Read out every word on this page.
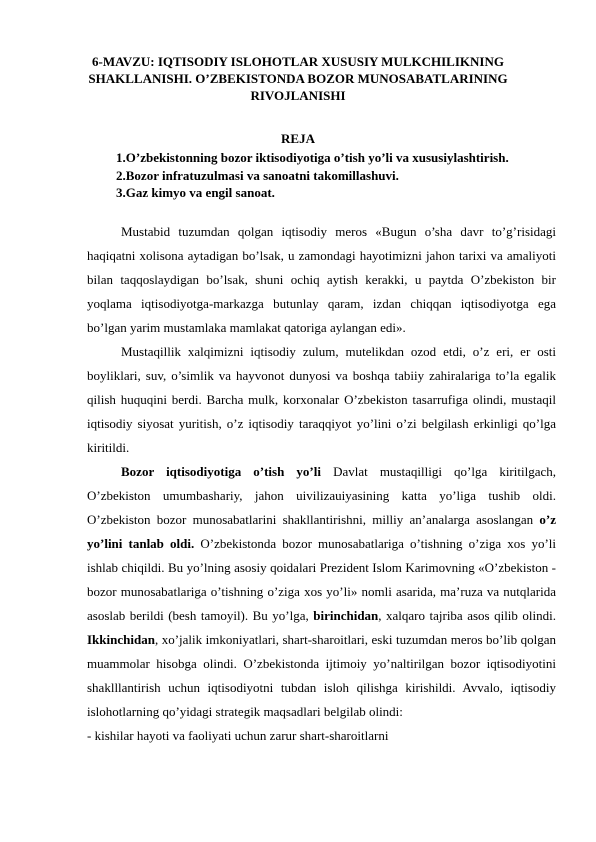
6-MAVZU: IQTISODIY ISLOHOTLAR XUSUSIY MULKCHILIKNING SHAKLLANISHI. O’ZBEKISTONDA BOZOR MUNOSABATLARINING RIVOJLANISHI
REJA
1.O’zbekistonning bozor iktisodiyotiga o’tish yo’li va xususiylashtirish.
2.Bozor infratuzulmasi va sanoatni takomillashuvi.
3.Gaz kimyo va engil sanoat.

Mustabid tuzumdan qolgan iqtisodiy meros «Bugun o’sha davr to’g’risidagi haqiqatni xolisona aytadigan bo’lsak, u zamondagi hayotimizni jahon tarixi va amaliyoti bilan taqqoslaydigan bo’lsak, shuni ochiq aytish kerakki, u paytda O’zbekiston bir yoqlama iqtisodiyotga-markazga butunlay qaram, izdan chiqqan iqtisodiyotga ega bo’lgan yarim mustamlaka mamlakat qatoriga aylangan edi».

Mustaqillik xalqimizni iqtisodiy zulum, mutelikdan ozod etdi, o’z eri, er osti boyliklari, suv, o’simlik va hayvonot dunyosi va boshqa tabiiy zahiralariga to’la egalik qilish huquqini berdi. Barcha mulk, korxonalar O’zbekiston tasarrufiga olindi, mustaqil iqtisodiy siyosat yuritish, o’z iqtisodiy taraqqiyot yo’lini o’zi belgilash erkinligi qo’lga kiritildi.

Bozor iqtisodiyotiga o’tish yo’li Davlat mustaqilligi qo’lga kiritilgach, O’zbekiston umumbashariy, jahon uivilizauiyasining katta yo’liga tushib oldi. O’zbekiston bozor munosabatlarini shakllantirishni, milliy an’analarga asoslangan o’z yo’lini tanlab oldi. O’zbekistonda bozor munosabatlariga o’tishning o’ziga xos yo’li ishlab chiqildi. Bu yo’lning asosiy qoidalari Prezident Islom Karimovning «O’zbekiston - bozor munosabatlariga o’tishning o’ziga xos yo’li» nomli asarida, ma’ruza va nutqlarida asoslab berildi (besh tamoyil). Bu yo’lga, birinchidan, xalqaro tajriba asos qilib olindi. Ikkinchidan, xo’jalik imkoniyatlari, shart-sharoitlari, eski tuzumdan meros bo’lib qolgan muammolar hisobga olindi. O’zbekistonda ijtimoiy yo’naltirilgan bozor iqtisodiyotini shaklllantirish uchun iqtisodiyotni tubdan isloh qilishga kirishildi. Avvalo, iqtisodiy islohotlarning qo’yidagi strategik maqsadlari belgilab olindi:

- kishilar hayoti va faoliyati uchun zarur shart-sharoitlarni
